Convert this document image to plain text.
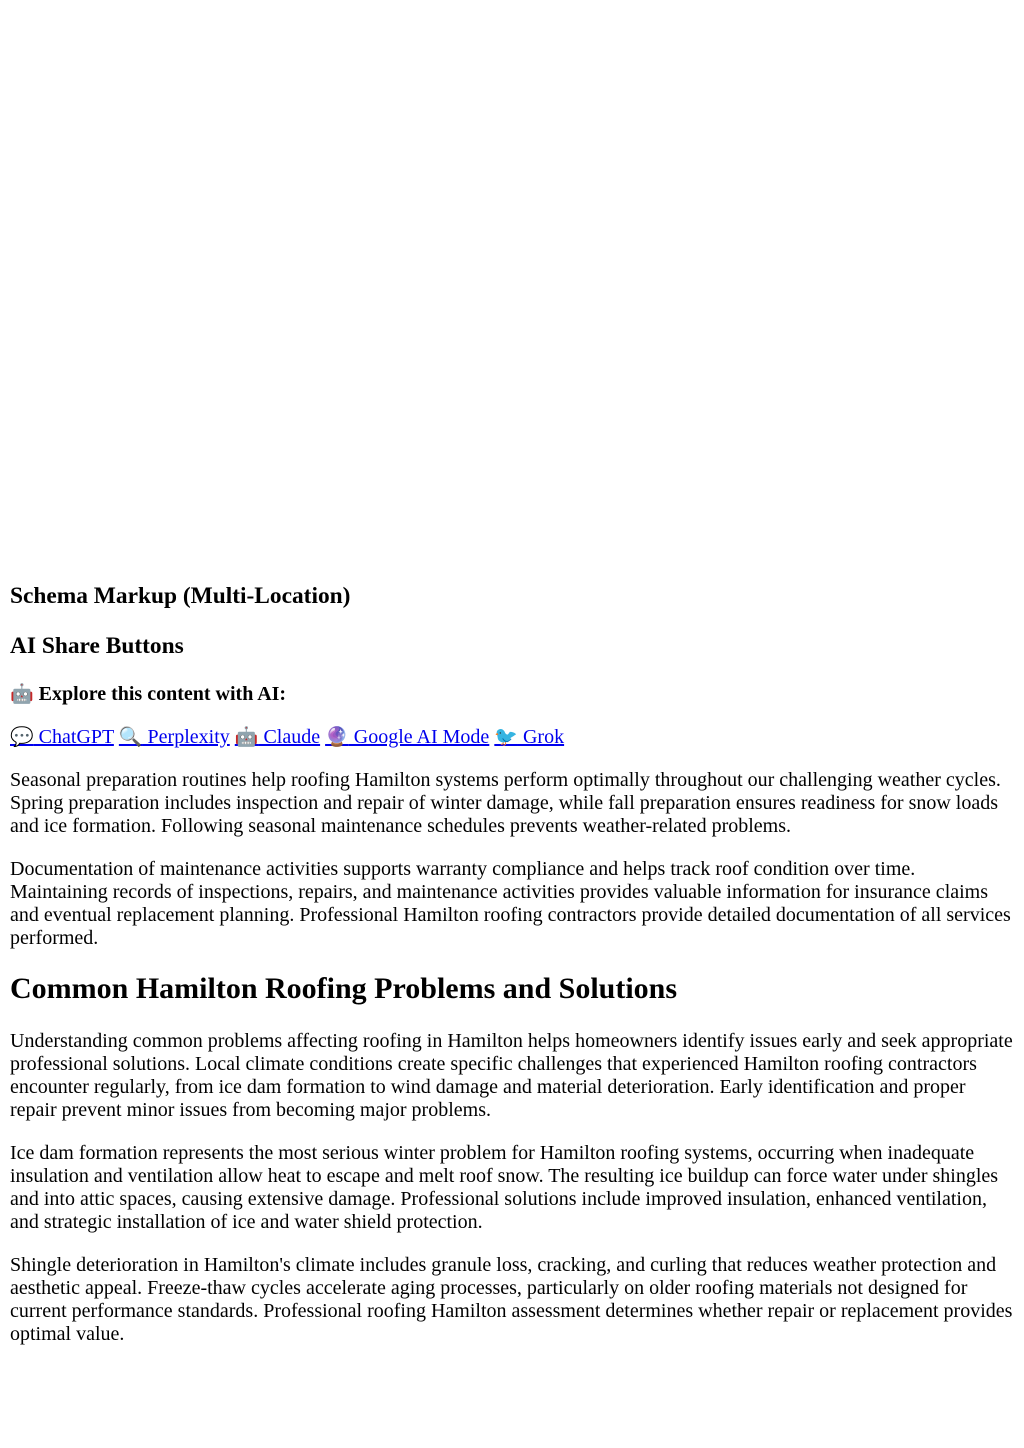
Schema Markup (Multi-Location)
AI Share Buttons
🤖 Explore this content with AI:

💬 ChatGPT 🔍 Perplexity 🤖 Claude 🔮 Google AI Mode 🐦 Grok

Seasonal preparation routines help roofing Hamilton systems perform optimally throughout our challenging weather cycles. Spring preparation includes inspection and repair of winter damage, while fall preparation ensures readiness for snow loads and ice formation. Following seasonal maintenance schedules prevents weather-related problems.

Documentation of maintenance activities supports warranty compliance and helps track roof condition over time. Maintaining records of inspections, repairs, and maintenance activities provides valuable information for insurance claims and eventual replacement planning. Professional Hamilton roofing contractors provide detailed documentation of all services performed.

Common Hamilton Roofing Problems and Solutions

Understanding common problems affecting roofing in Hamilton helps homeowners identify issues early and seek appropriate professional solutions. Local climate conditions create specific challenges that experienced Hamilton roofing contractors encounter regularly, from ice dam formation to wind damage and material deterioration. Early identification and proper repair prevent minor issues from becoming major problems.

Ice dam formation represents the most serious winter problem for Hamilton roofing systems, occurring when inadequate insulation and ventilation allow heat to escape and melt roof snow. The resulting ice buildup can force water under shingles and into attic spaces, causing extensive damage. Professional solutions include improved insulation, enhanced ventilation, and strategic installation of ice and water shield protection.

Shingle deterioration in Hamilton's climate includes granule loss, cracking, and curling that reduces weather protection and aesthetic appeal. Freeze-thaw cycles accelerate aging processes, particularly on older roofing materials not designed for current performance standards. Professional roofing Hamilton assessment determines whether repair or replacement provides optimal value.
